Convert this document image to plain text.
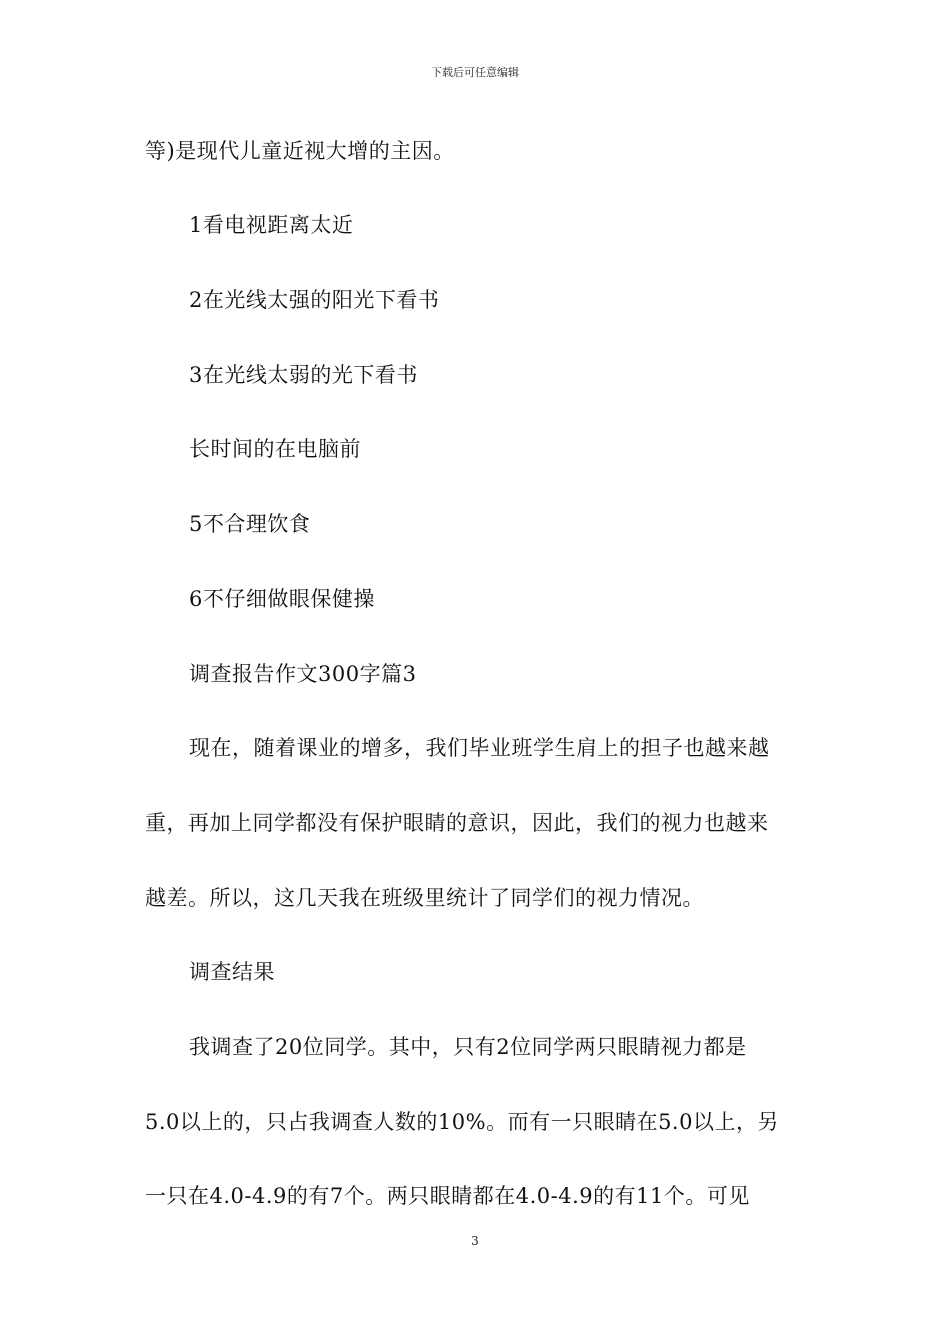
下载后可任意编辑
等)是现代儿童近视大增的主因。
1看电视距离太近
2在光线太强的阳光下看书
3在光线太弱的光下看书
长时间的在电脑前
5不合理饮食
6不仔细做眼保健操
调查报告作文300字篇3
现在，随着课业的增多，我们毕业班学生肩上的担子也越来越
重，再加上同学都没有保护眼睛的意识，因此，我们的视力也越来
越差。所以，这几天我在班级里统计了同学们的视力情况。
调查结果
我调查了20位同学。其中，只有2位同学两只眼睛视力都是
5.0以上的，只占我调查人数的10%。而有一只眼睛在5.0以上，另
一只在4.0-4.9的有7个。两只眼睛都在4.0-4.9的有11个。可见
3
